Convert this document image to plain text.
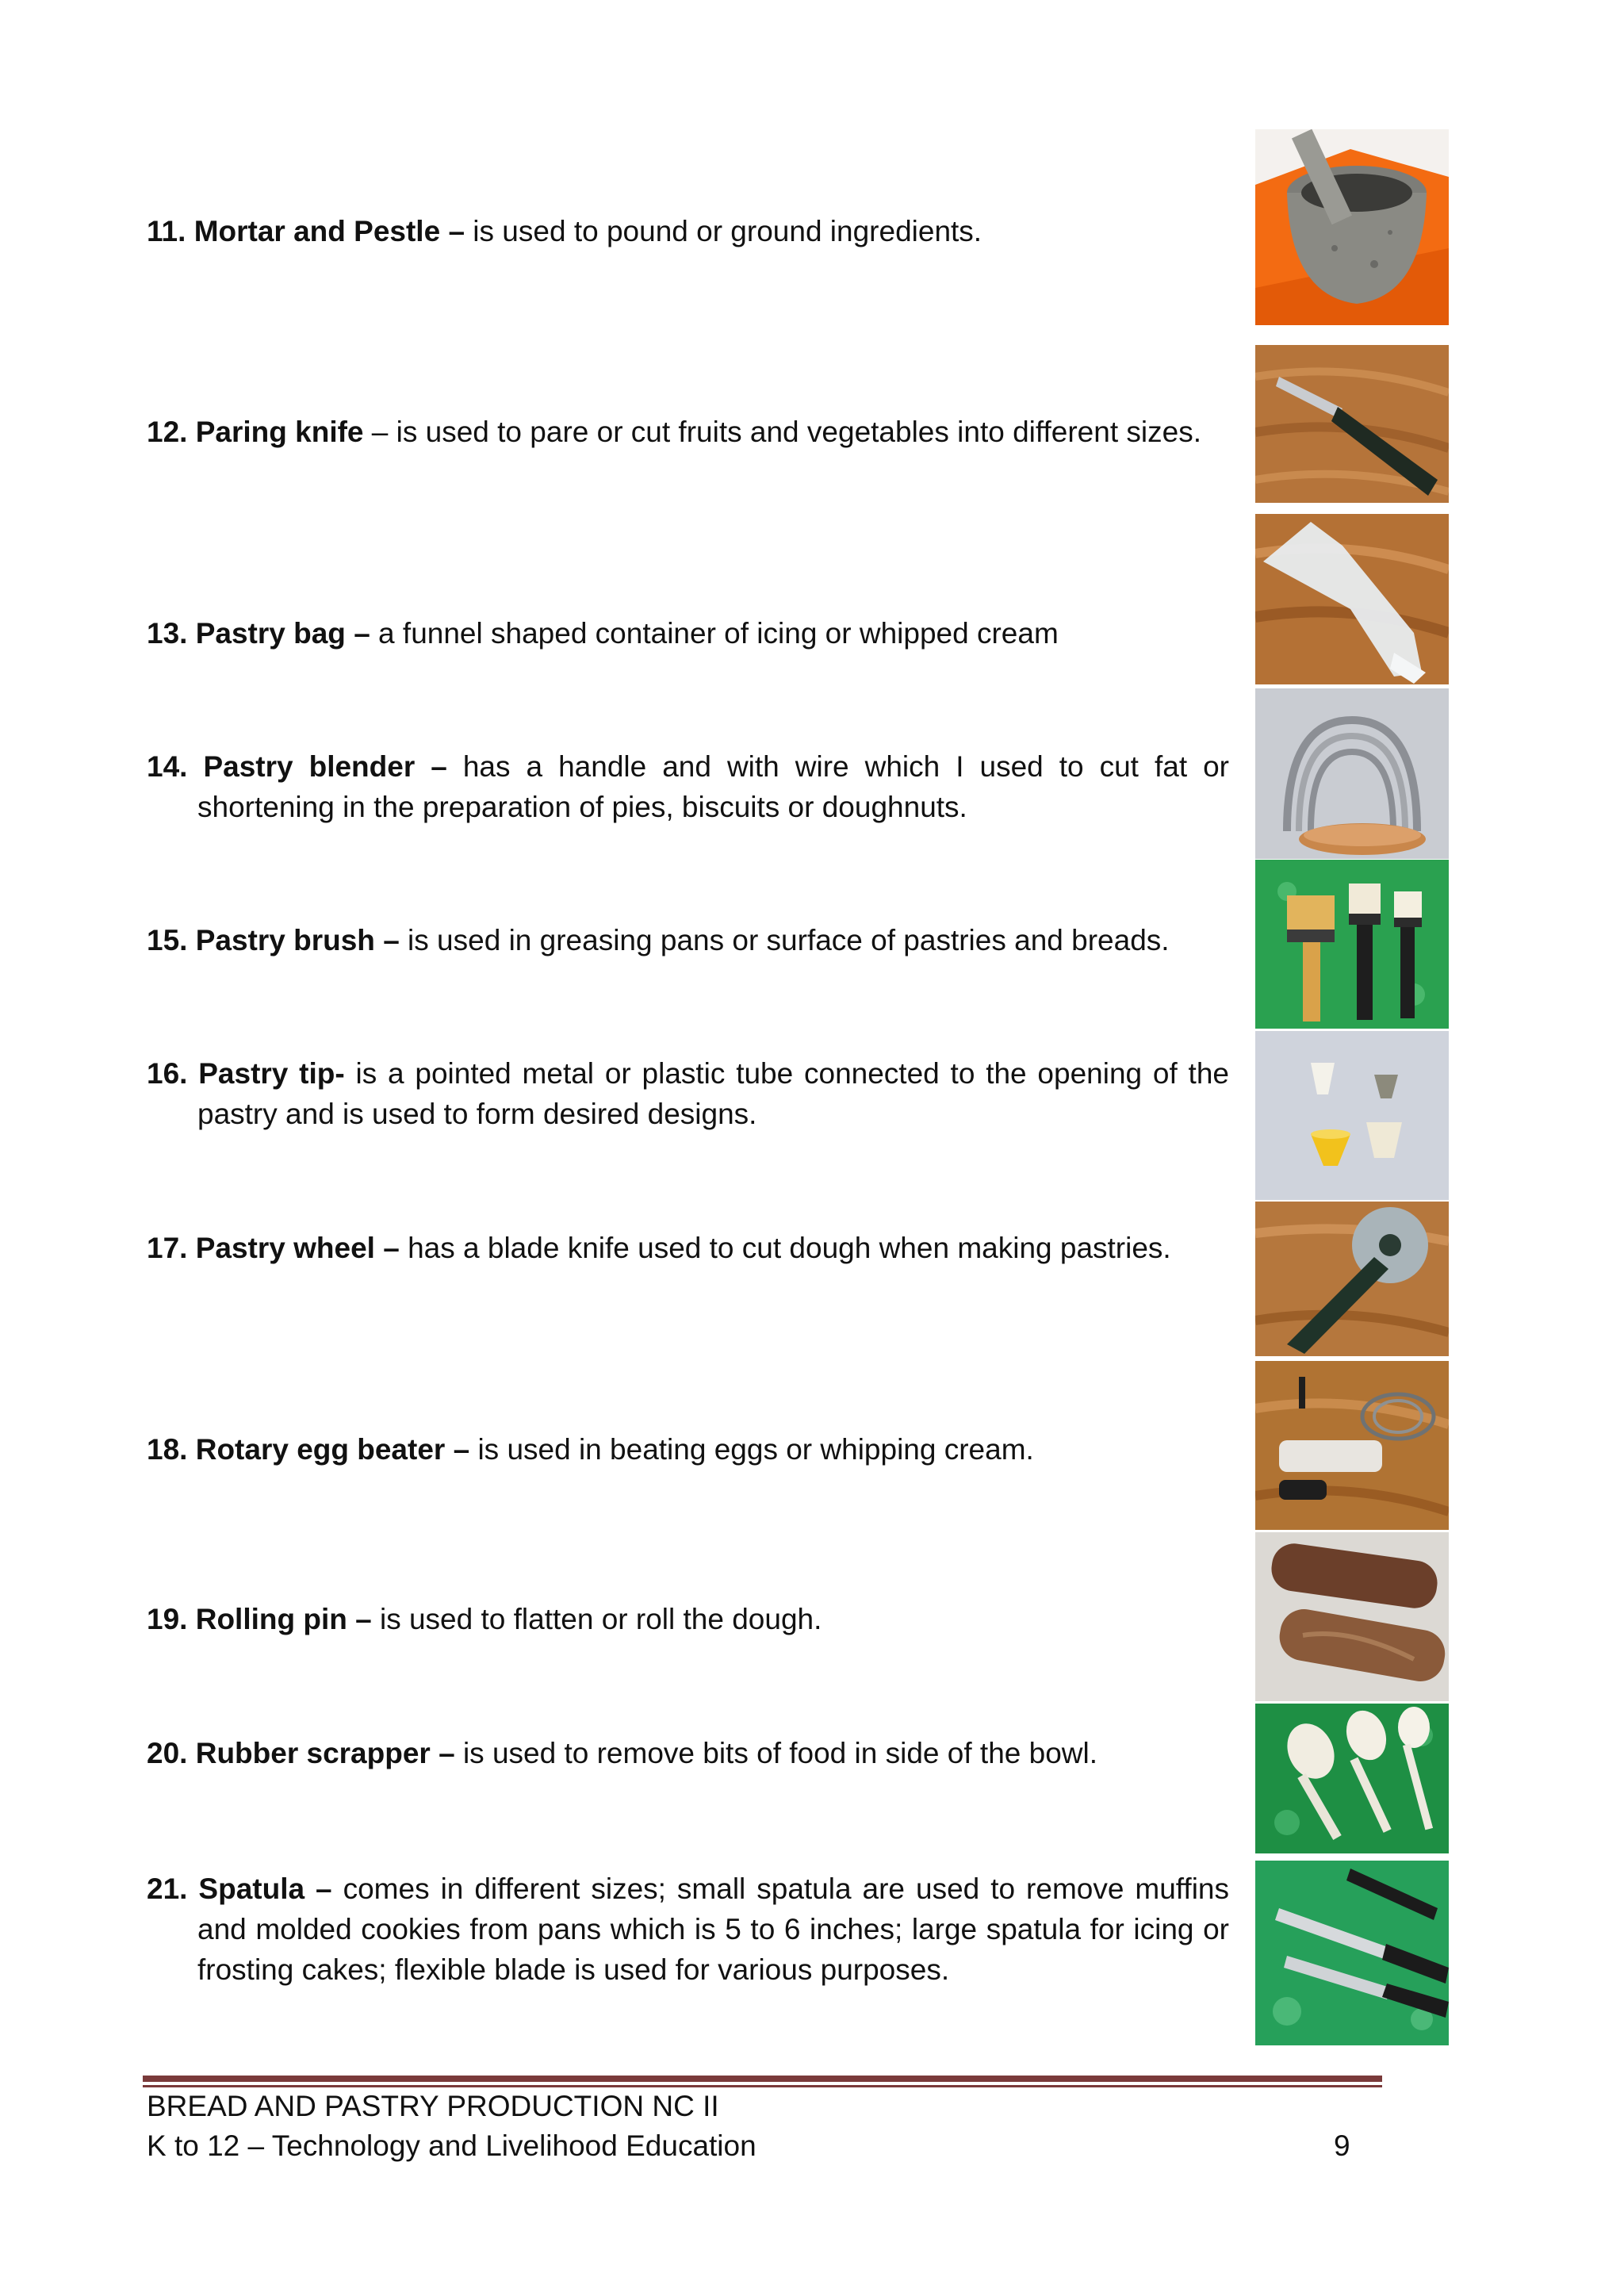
11. Mortar and Pestle – is used to pound or ground ingredients.
12. Paring knife – is used to pare or cut fruits and vegetables into different sizes.
13. Pastry bag – a funnel shaped container of icing or whipped cream
14. Pastry blender – has a handle and with wire which I used to cut fat or shortening in the preparation of pies, biscuits or doughnuts.
15. Pastry brush – is used in greasing pans or surface of pastries and breads.
16. Pastry tip- is a pointed metal or plastic tube connected to the opening of the pastry and is used to form desired designs.
17. Pastry wheel – has a blade knife used to cut dough when making pastries.
18. Rotary egg beater – is used in beating eggs or whipping cream.
19. Rolling pin – is used to flatten or roll the dough.
20. Rubber scrapper – is used to remove bits of food in side of the bowl.
21. Spatula – comes in different sizes; small spatula are used to remove muffins and molded cookies from pans which is 5 to 6 inches; large spatula for icing or frosting cakes; flexible blade is used for various purposes.
BREAD AND PASTRY PRODUCTION NC II
K to 12 – Technology and Livelihood Education	9
